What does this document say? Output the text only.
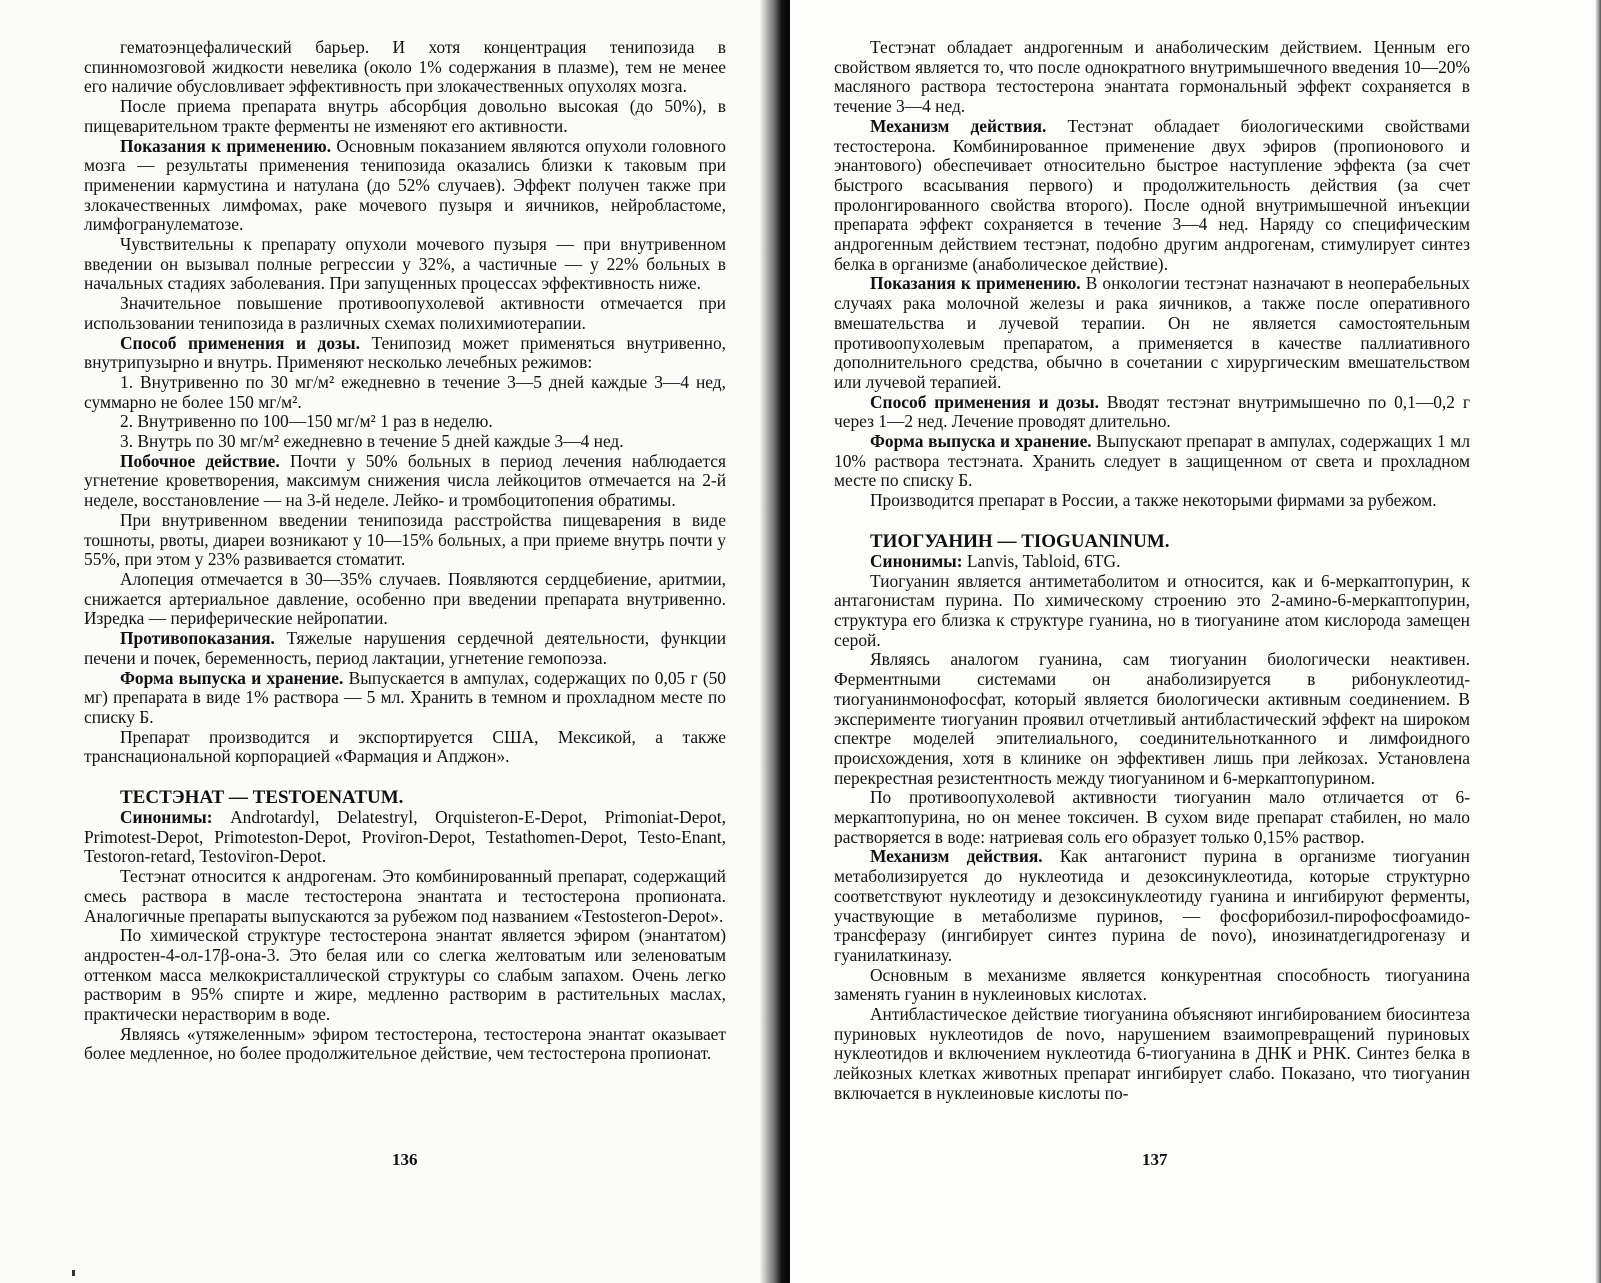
гематоэнцефалический барьер. И хотя концентрация тенипозида в спинномозговой жидкости невелика (около 1% содержания в плазме), тем не менее его наличие обусловливает эффективность при злокачественных опухолях мозга.

После приема препарата внутрь абсорбция довольно высокая (до 50%), в пищеварительном тракте ферменты не изменяют его активности.

Показания к применению. Основным показанием являются опухоли головного мозга — результаты применения тенипозида оказались близки к таковым при применении кармустина и натулана (до 52% случаев). Эффект получен также при злокачественных лимфомах, раке мочевого пузыря и яичников, нейробластоме, лимфогранулематозе.

Чувствительны к препарату опухоли мочевого пузыря — при внутривенном введении он вызывал полные регрессии у 32%, а частичные — у 22% больных в начальных стадиях заболевания. При запущенных процессах эффективность ниже.

Значительное повышение противоопухолевой активности отмечается при использовании тенипозида в различных схемах полихимиотерапии.

Способ применения и дозы. Тенипозид может применяться внутривенно, внутрипузырно и внутрь. Применяют несколько лечебных режимов:

1. Внутривенно по 30 мг/м² ежедневно в течение 3—5 дней каждые 3—4 нед, суммарно не более 150 мг/м².

2. Внутривенно по 100—150 мг/м² 1 раз в неделю.

3. Внутрь по 30 мг/м² ежедневно в течение 5 дней каждые 3—4 нед.

Побочное действие. Почти у 50% больных в период лечения наблюдается угнетение кроветворения, максимум снижения числа лейкоцитов отмечается на 2-й неделе, восстановление — на 3-й неделе. Лейко- и тромбоцитопения обратимы.

При внутривенном введении тенипозида расстройства пищеварения в виде тошноты, рвоты, диареи возникают у 10—15% больных, а при приеме внутрь почти у 55%, при этом у 23% развивается стоматит.

Алопеция отмечается в 30—35% случаев. Появляются сердцебиение, аритмии, снижается артериальное давление, особенно при введении препарата внутривенно. Изредка — периферические нейропатии.

Противопоказания. Тяжелые нарушения сердечной деятельности, функции печени и почек, беременность, период лактации, угнетение гемопоэза.

Форма выпуска и хранение. Выпускается в ампулах, содержащих по 0,05 г (50 мг) препарата в виде 1% раствора — 5 мл. Хранить в темном и прохладном месте по списку Б.

Препарат производится и экспортируется США, Мексикой, а также транснациональной корпорацией «Фармация и Апджон».

ТЕСТЭНАТ — TESTOENATUM.

Синонимы: Androtardyl, Delatestryl, Orquisteron-E-Depot, Primoniat-Depot, Primotest-Depot, Primoteston-Depot, Proviron-Depot, Testathomen-Depot, Testo-Enant, Testoron-retard, Testoviron-Depot.

Тестэнат относится к андрогенам. Это комбинированный препарат, содержащий смесь раствора в масле тестостерона энантата и тестостерона пропионата. Аналогичные препараты выпускаются за рубежом под названием «Testosteron-Depot».

По химической структуре тестостерона энантат является эфиром (энантатом) андростен-4-ол-17β-она-3. Это белая или со слегка желтоватым или зеленоватым оттенком масса мелкокристаллической структуры со слабым запахом. Очень легко растворим в 95% спирте и жире, медленно растворим в растительных маслах, практически нерастворим в воде.

Являясь «утяжеленным» эфиром тестостерона, тестостерона энантат оказывает более медленное, но более продолжительное действие, чем тестостерона пропионат.

136

Тестэнат обладает андрогенным и анаболическим действием. Ценным его свойством является то, что после однократного внутримышечного введения 10—20% масляного раствора тестостерона энантата гормональный эффект сохраняется в течение 3—4 нед.

Механизм действия. Тестэнат обладает биологическими свойствами тестостерона. Комбинированное применение двух эфиров (пропионового и энантового) обеспечивает относительно быстрое наступление эффекта (за счет быстрого всасывания первого) и продолжительность действия (за счет пролонгированного свойства второго). После одной внутримышечной инъекции препарата эффект сохраняется в течение 3—4 нед. Наряду со специфическим андрогенным действием тестэнат, подобно другим андрогенам, стимулирует синтез белка в организме (анаболическое действие).

Показания к применению. В онкологии тестэнат назначают в неоперабельных случаях рака молочной железы и рака яичников, а также после оперативного вмешательства и лучевой терапии. Он не является самостоятельным противоопухолевым препаратом, а применяется в качестве паллиативного дополнительного средства, обычно в сочетании с хирургическим вмешательством или лучевой терапией.

Способ применения и дозы. Вводят тестэнат внутримышечно по 0,1—0,2 г через 1—2 нед. Лечение проводят длительно.

Форма выпуска и хранение. Выпускают препарат в ампулах, содержащих 1 мл 10% раствора тестэната. Хранить следует в защищенном от света и прохладном месте по списку Б.

Производится препарат в России, а также некоторыми фирмами за рубежом.

ТИОГУАНИН — TIOGUANINUM.

Синонимы: Lanvis, Tabloid, 6TG.

Тиогуанин является антиметаболитом и относится, как и 6-меркаптопурин, к антагонистам пурина. По химическому строению это 2-амино-6-меркаптопурин, структура его близка к структуре гуанина, но в тиогуанине атом кислорода замещен серой.

Являясь аналогом гуанина, сам тиогуанин биологически неактивен. Ферментными системами он анаболизируется в рибонуклеотид-тиогуанинмонофосфат, который является биологически активным соединением. В эксперименте тиогуанин проявил отчетливый антибластический эффект на широком спектре моделей эпителиального, соединительнотканного и лимфоидного происхождения, хотя в клинике он эффективен лишь при лейкозах. Установлена перекрестная резистентность между тиогуанином и 6-меркаптопурином.

По противоопухолевой активности тиогуанин мало отличается от 6-меркаптопурина, но он менее токсичен. В сухом виде препарат стабилен, но мало растворяется в воде: натриевая соль его образует только 0,15% раствор.

Механизм действия. Как антагонист пурина в организме тиогуанин метаболизируется до нуклеотида и дезоксинуклеотида, которые структурно соответствуют нуклеотиду и дезоксинуклеотиду гуанина и ингибируют ферменты, участвующие в метаболизме пуринов, — фосфорибозил-пирофосфоамидо-трансферазу (ингибирует синтез пурина de novo), инозинатдегидрогеназу и гуанилаткиназу.

Основным в механизме является конкурентная способность тиогуанина заменять гуанин в нуклеиновых кислотах.

Антибластическое действие тиогуанина объясняют ингибированием биосинтеза пуриновых нуклеотидов de novo, нарушением взаимопревращений пуриновых нуклеотидов и включением нуклеотида 6-тиогуанина в ДНК и РНК. Синтез белка в лейкозных клетках животных препарат ингибирует слабо. Показано, что тиогуанин включается в нуклеиновые кислоты по-

137
